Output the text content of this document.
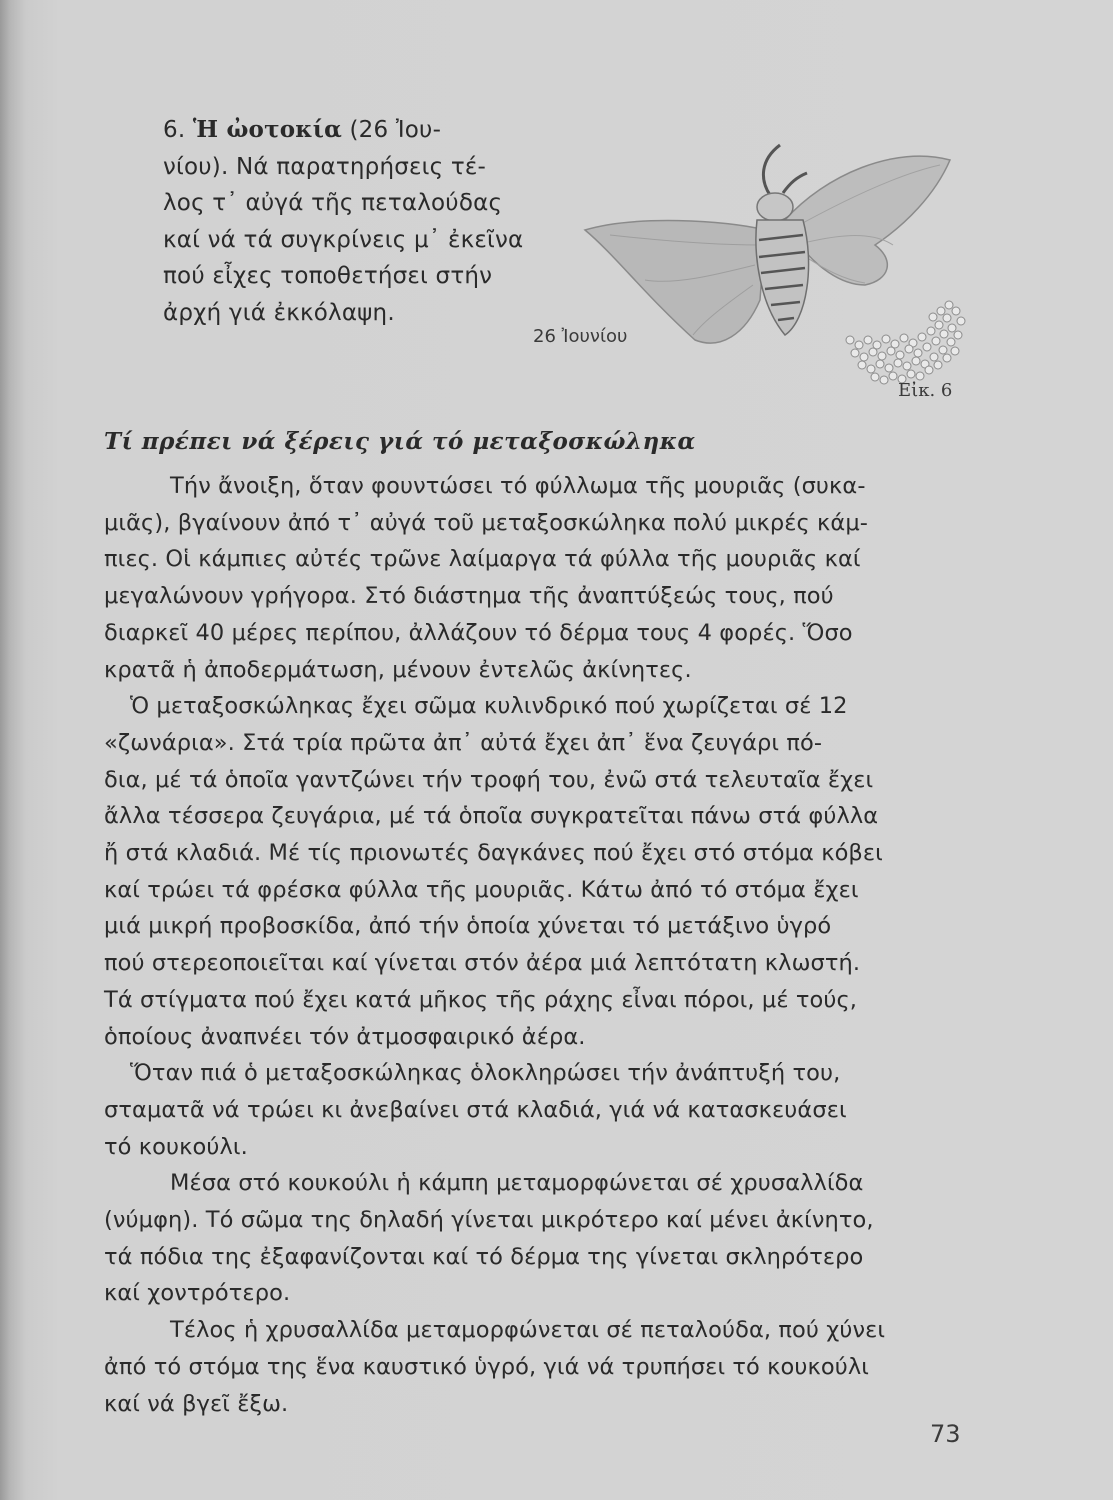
6. Ἡ ὠοτοκία (26 Ἰου-
νίου). Νά παρατηρήσεις τέ-
λος τ᾽ αὐγά τῆς πεταλούδας
καί νά τά συγκρίνεις μ᾽ ἐκεῖνα
πού εἶχες τοποθετήσει στήν
ἀρχή γιά ἐκκόλαψη.
26 Ἰουνίου
Εἰκ. 6
Τί πρέπει νά ξέρεις γιά τό μεταξοσκώληκα
Τήν ἄνοιξη, ὅταν φουντώσει τό φύλλωμα τῆς μουριᾶς (συκα-
μιᾶς), βγαίνουν ἀπό τ᾽ αὐγά τοῦ μεταξοσκώληκα πολύ μικρές κάμ-
πιες. Οἱ κάμπιες αὐτές τρῶνε λαίμαργα τά φύλλα τῆς μουριᾶς καί
μεγαλώνουν γρήγορα. Στό διάστημα τῆς ἀναπτύξεώς τους, πού
διαρκεῖ 40 μέρες περίπου, ἀλλάζουν τό δέρμα τους 4 φορές. Ὅσο
κρατᾶ ἡ ἀποδερμάτωση, μένουν ἐντελῶς ἀκίνητες.
Ὁ μεταξοσκώληκας ἔχει σῶμα κυλινδρικό πού χωρίζεται σέ 12
«ζωνάρια». Στά τρία πρῶτα ἀπ᾽ αὐτά ἔχει ἀπ᾽ ἕνα ζευγάρι πό-
δια, μέ τά ὁποῖα γαντζώνει τήν τροφή του, ἐνῶ στά τελευταῖα ἔχει
ἄλλα τέσσερα ζευγάρια, μέ τά ὁποῖα συγκρατεῖται πάνω στά φύλλα
ἤ στά κλαδιά. Μέ τίς πριονωτές δαγκάνες πού ἔχει στό στόμα κόβει
καί τρώει τά φρέσκα φύλλα τῆς μουριᾶς. Κάτω ἀπό τό στόμα ἔχει
μιά μικρή προβοσκίδα, ἀπό τήν ὁποία χύνεται τό μετάξινο ὑγρό
πού στερεοποιεῖται καί γίνεται στόν ἀέρα μιά λεπτότατη κλωστή.
Τά στίγματα πού ἔχει κατά μῆκος τῆς ράχης εἶναι πόροι, μέ τούς,
ὁποίους ἀναπνέει τόν ἀτμοσφαιρικό ἀέρα.
Ὅταν πιά ὁ μεταξοσκώληκας ὁλοκληρώσει τήν ἀνάπτυξή του,
σταματᾶ νά τρώει κι ἀνεβαίνει στά κλαδιά, γιά νά κατασκευάσει
τό κουκούλι.
Μέσα στό κουκούλι ἡ κάμπη μεταμορφώνεται σέ χρυσαλλίδα
(νύμφη). Τό σῶμα της δηλαδή γίνεται μικρότερο καί μένει ἀκίνητο,
τά πόδια της ἐξαφανίζονται καί τό δέρμα της γίνεται σκληρότερο
καί χοντρότερο.
Τέλος ἡ χρυσαλλίδα μεταμορφώνεται σέ πεταλούδα, πού χύνει
ἀπό τό στόμα της ἕνα καυστικό ὑγρό, γιά νά τρυπήσει τό κουκούλι
καί νά βγεῖ ἔξω.
73
